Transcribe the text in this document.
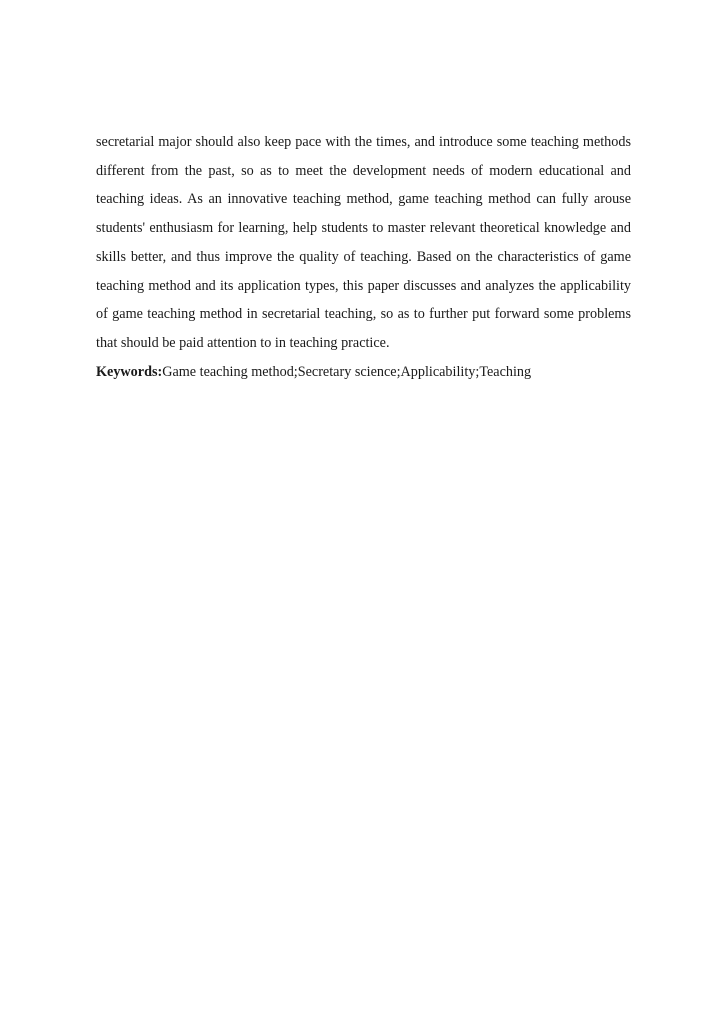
secretarial major should also keep pace with the times, and introduce some teaching methods different from the past, so as to meet the development needs of modern educational and teaching ideas. As an innovative teaching method, game teaching method can fully arouse students' enthusiasm for learning, help students to master relevant theoretical knowledge and skills better, and thus improve the quality of teaching. Based on the characteristics of game teaching method and its application types, this paper discusses and analyzes the applicability of game teaching method in secretarial teaching, so as to further put forward some problems that should be paid attention to in teaching practice.

Keywords:Game teaching method;Secretary science;Applicability;Teaching
